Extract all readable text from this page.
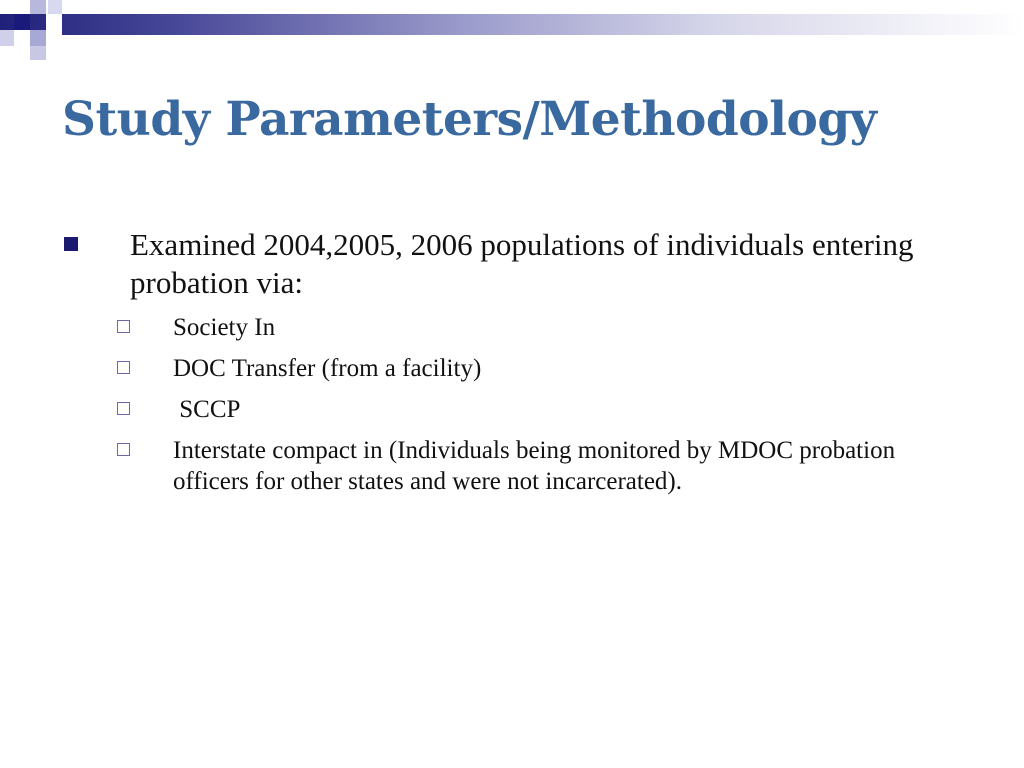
Study Parameters/Methodology
Examined 2004,2005, 2006 populations of individuals entering probation via:
Society In
DOC Transfer (from a facility)
SCCP
Interstate compact in (Individuals being monitored by MDOC probation officers for other states and were not incarcerated).
